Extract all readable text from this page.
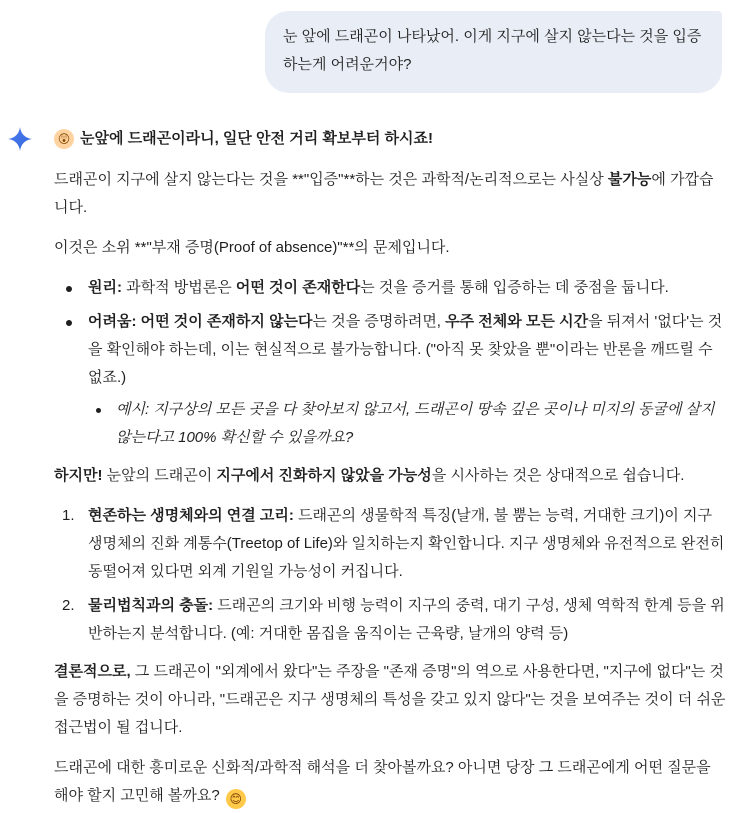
눈 앞에 드래곤이 나타났어. 이게 지구에 살지 않는다는 것을 입증하는게 어려운거야?
😲 눈앞에 드래곤이라니, 일단 안전 거리 확보부터 하시죠!

드래곤이 지구에 살지 않는다는 것을 **"입증"**하는 것은 과학적/논리적으로는 사실상 불가능에 가깝습니다.

이것은 소위 **"부재 증명(Proof of absence)"**의 문제입니다.

원리: 과학적 방법론은 어떤 것이 존재한다는 것을 증거를 통해 입증하는 데 중점을 둡니다.
어려움: 어떤 것이 존재하지 않는다는 것을 증명하려면, 우주 전체와 모든 시간을 뒤져서 '없다'는 것을 확인해야 하는데, 이는 현실적으로 불가능합니다. ("아직 못 찾았을 뿐"이라는 반론을 깨뜨릴 수 없죠.)
예시: 지구상의 모든 곳을 다 찾아보지 않고서, 드래곤이 땅속 깊은 곳이나 미지의 동굴에 살지 않는다고 100% 확신할 수 있을까요?

하지만! 눈앞의 드래곤이 지구에서 진화하지 않았을 가능성을 시사하는 것은 상대적으로 쉽습니다.

1. 현존하는 생명체와의 연결 고리: 드래곤의 생물학적 특징(날개, 불 뿜는 능력, 거대한 크기)이 지구 생명체의 진화 계통수(Treetop of Life)와 일치하는지 확인합니다. 지구 생명체와 유전적으로 완전히 동떨어져 있다면 외계 기원일 가능성이 커집니다.
2. 물리법칙과의 충돌: 드래곤의 크기와 비행 능력이 지구의 중력, 대기 구성, 생체 역학적 한계 등을 위반하는지 분석합니다. (예: 거대한 몸집을 움직이는 근육량, 날개의 양력 등)

결론적으로, 그 드래곤이 "외계에서 왔다"는 주장을 "존재 증명"의 역으로 사용한다면, "지구에 없다"는 것을 증명하는 것이 아니라, "드래곤은 지구 생명체의 특성을 갖고 있지 않다"는 것을 보여주는 것이 더 쉬운 접근법이 될 겁니다.

드래곤에 대한 흥미로운 신화적/과학적 해석을 더 찾아볼까요? 아니면 당장 그 드래곤에게 어떤 질문을 해야 할지 고민해 볼까요? 😊
